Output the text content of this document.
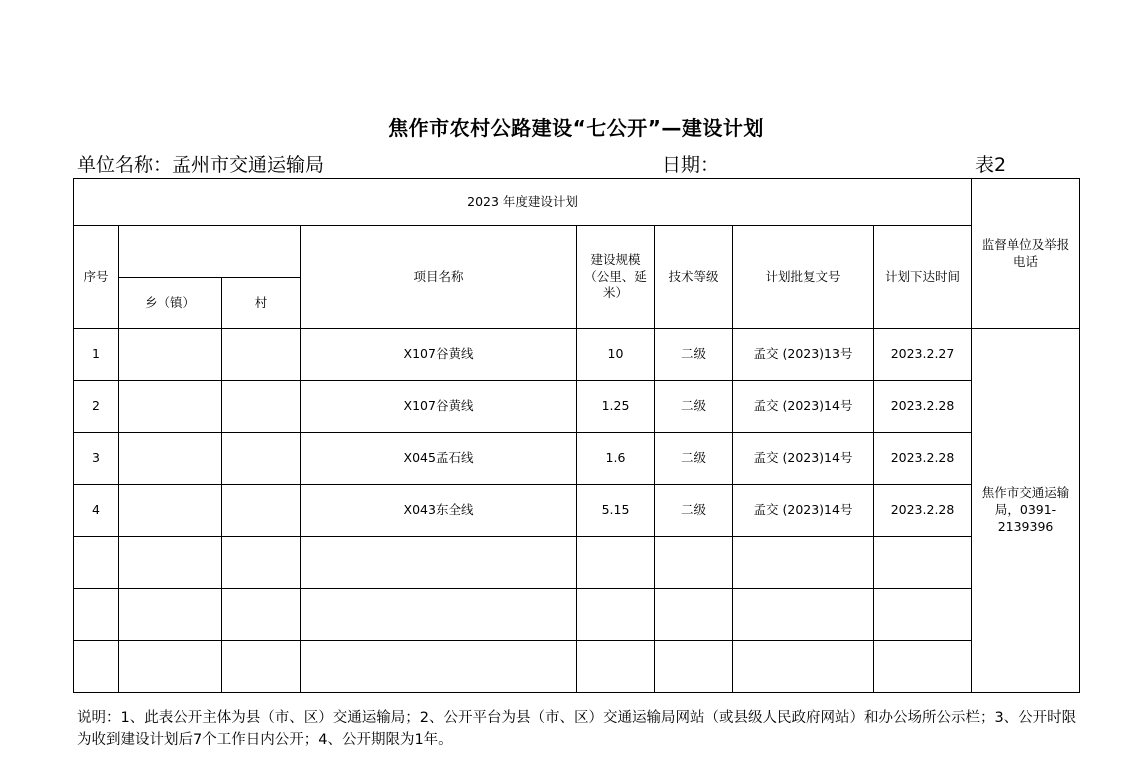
焦作市农村公路建设“七公开”—建设计划
单位名称：孟州市交通运输局	日期：	表2
2023 年度建设计划								监督单位及举报电话
序号			项目名称	建设规模（公里、延米）	技术等级	计划批复文号	计划下达时间	
	乡（镇）	村						
1			X107谷黄线	10	二级	孟交 (2023)13号	2023.2.27	焦作市交通运输局，0391-2139396
2			X107谷黄线	1.25	二级	孟交 (2023)14号	2023.2.28	
3			X045孟石线	1.6	二级	孟交 (2023)14号	2023.2.28	
4			X043东全线	5.15	二级	孟交 (2023)14号	2023.2.28	

说明：1、此表公开主体为县（市、区）交通运输局；2、公开平台为县（市、区）交通运输局网站（或县级人民政府网站）和办公场所公示栏；3、公开时限为收到建设计划后7个工作日内公开；4、公开期限为1年。
